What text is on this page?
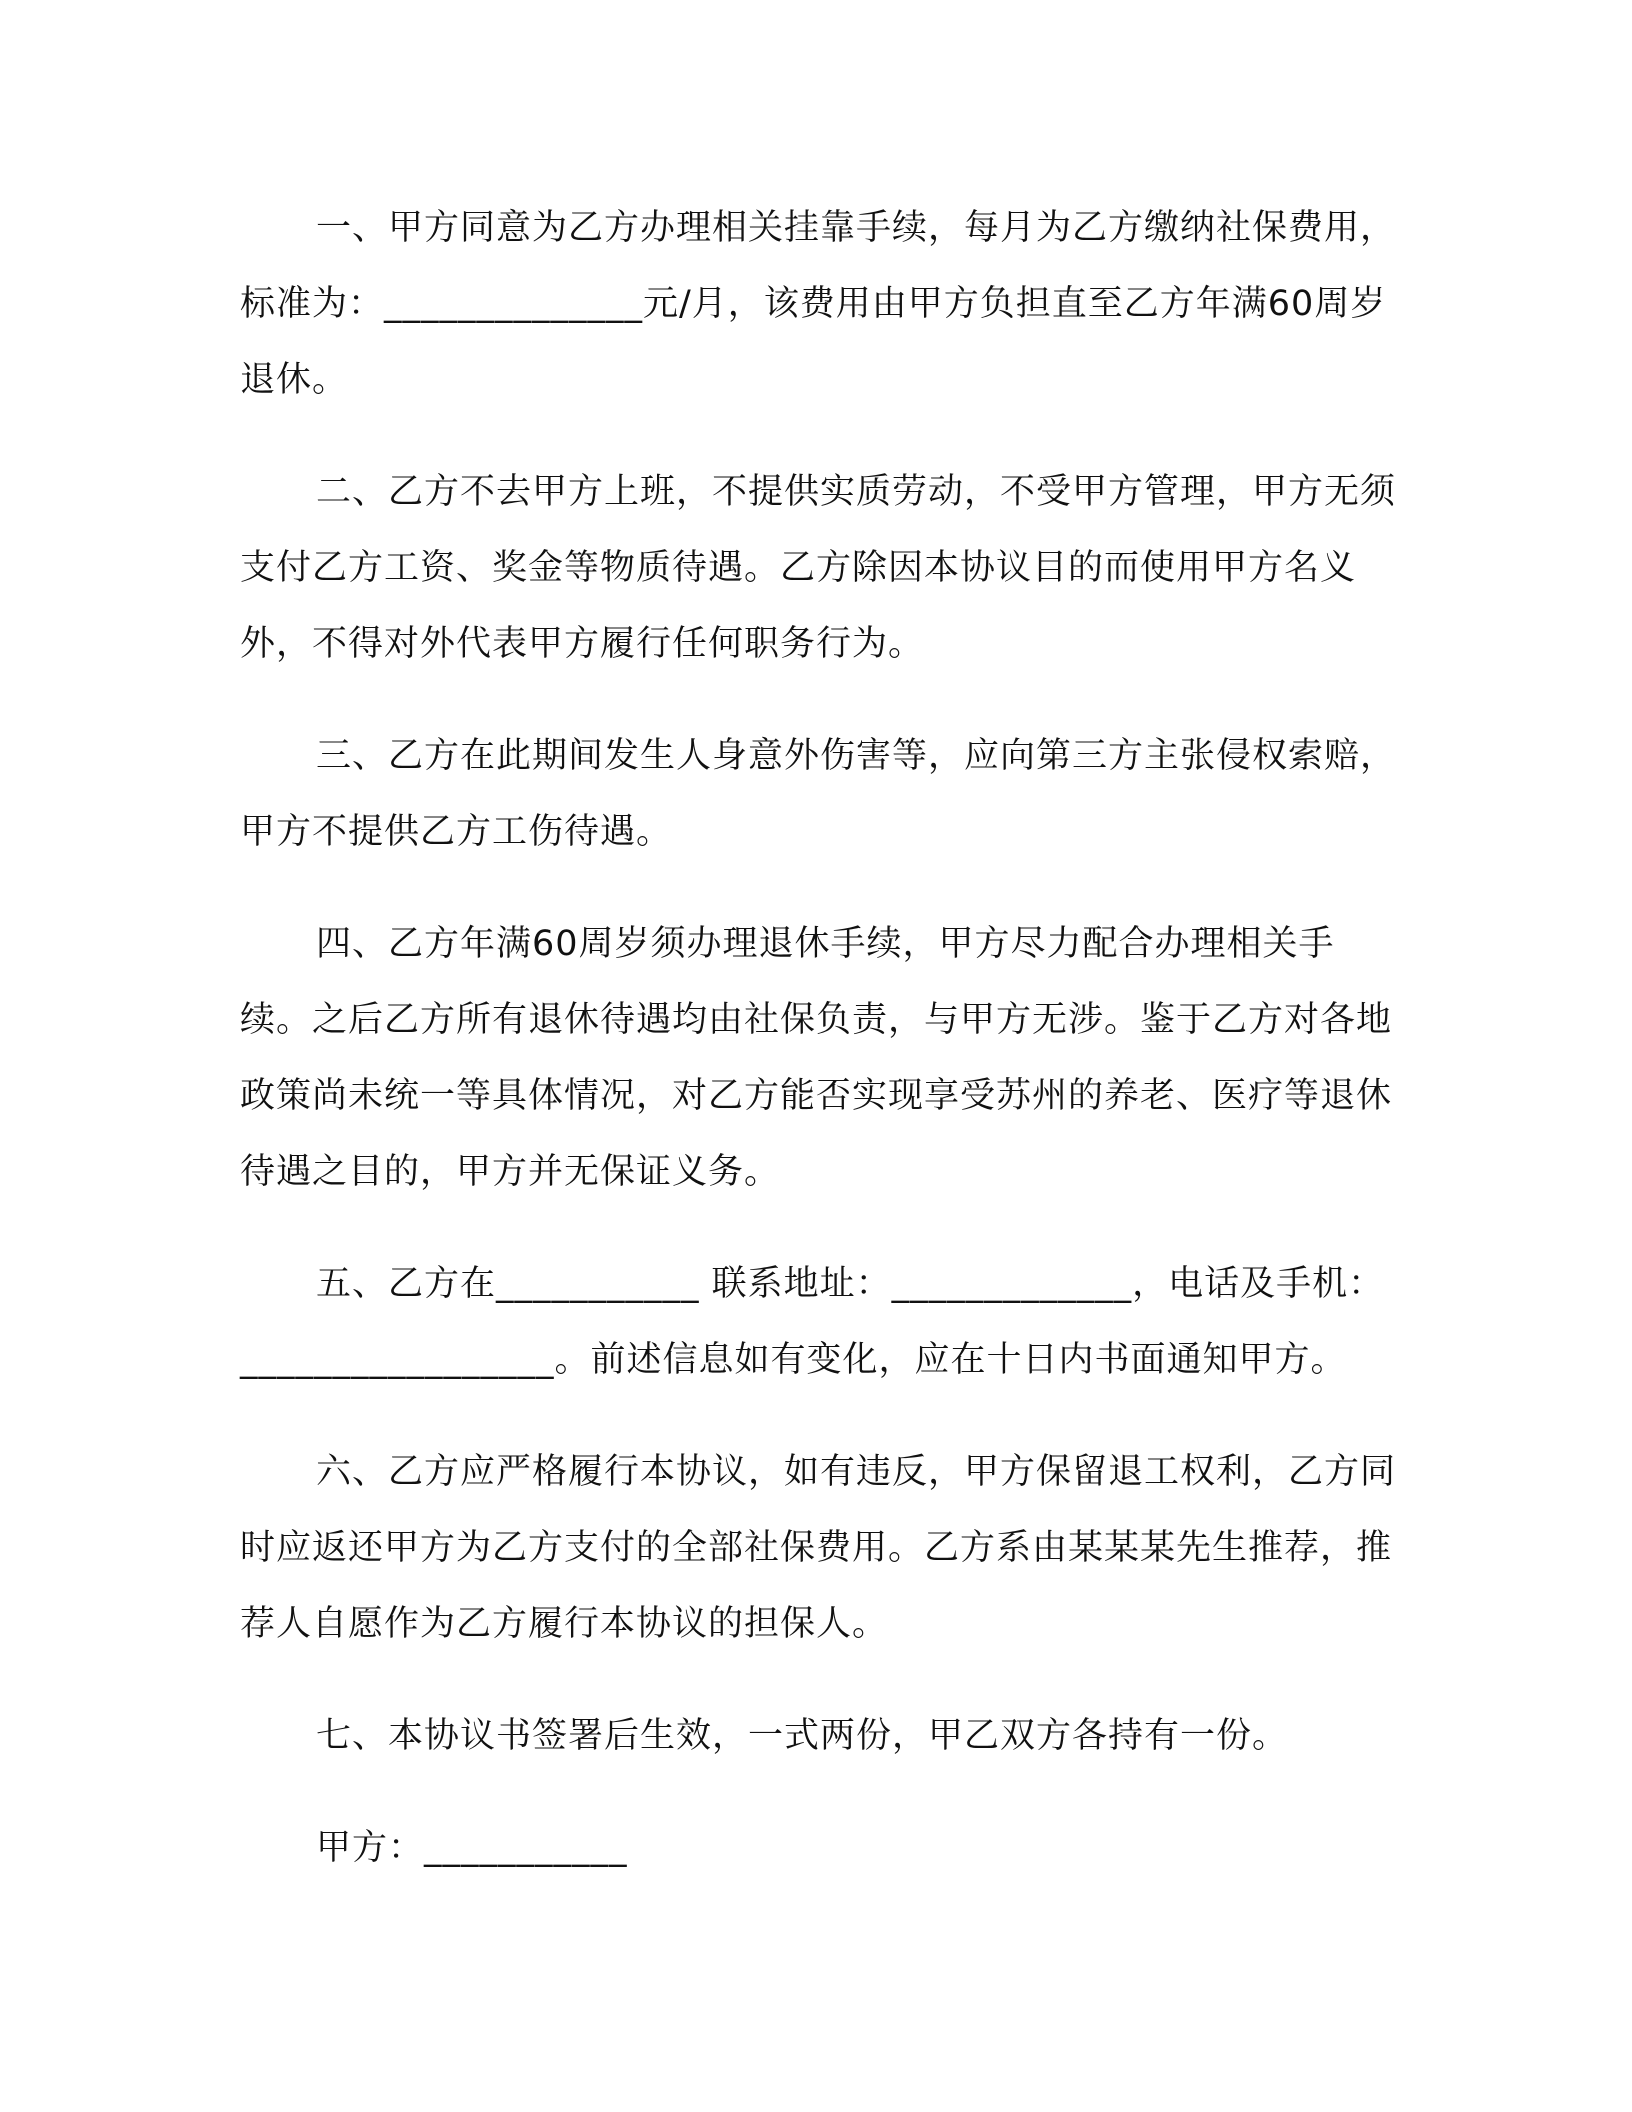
一、甲方同意为乙方办理相关挂靠手续，每月为乙方缴纳社保费用，标准为：______________元/月，该费用由甲方负担直至乙方年满60周岁退休。

二、乙方不去甲方上班，不提供实质劳动，不受甲方管理，甲方无须支付乙方工资、奖金等物质待遇。乙方除因本协议目的而使用甲方名义外，不得对外代表甲方履行任何职务行为。

三、乙方在此期间发生人身意外伤害等，应向第三方主张侵权索赔，甲方不提供乙方工伤待遇。

四、乙方年满60周岁须办理退休手续，甲方尽力配合办理相关手续。之后乙方所有退休待遇均由社保负责，与甲方无涉。鉴于乙方对各地政策尚未统一等具体情况，对乙方能否实现享受苏州的养老、医疗等退休待遇之目的，甲方并无保证义务。

五、乙方在___________ 联系地址：_____________，电话及手机：_________________。前述信息如有变化，应在十日内书面通知甲方。

六、乙方应严格履行本协议，如有违反，甲方保留退工权利，乙方同时应返还甲方为乙方支付的全部社保费用。乙方系由某某某先生推荐，推荐人自愿作为乙方履行本协议的担保人。

七、本协议书签署后生效，一式两份，甲乙双方各持有一份。

甲方：___________
